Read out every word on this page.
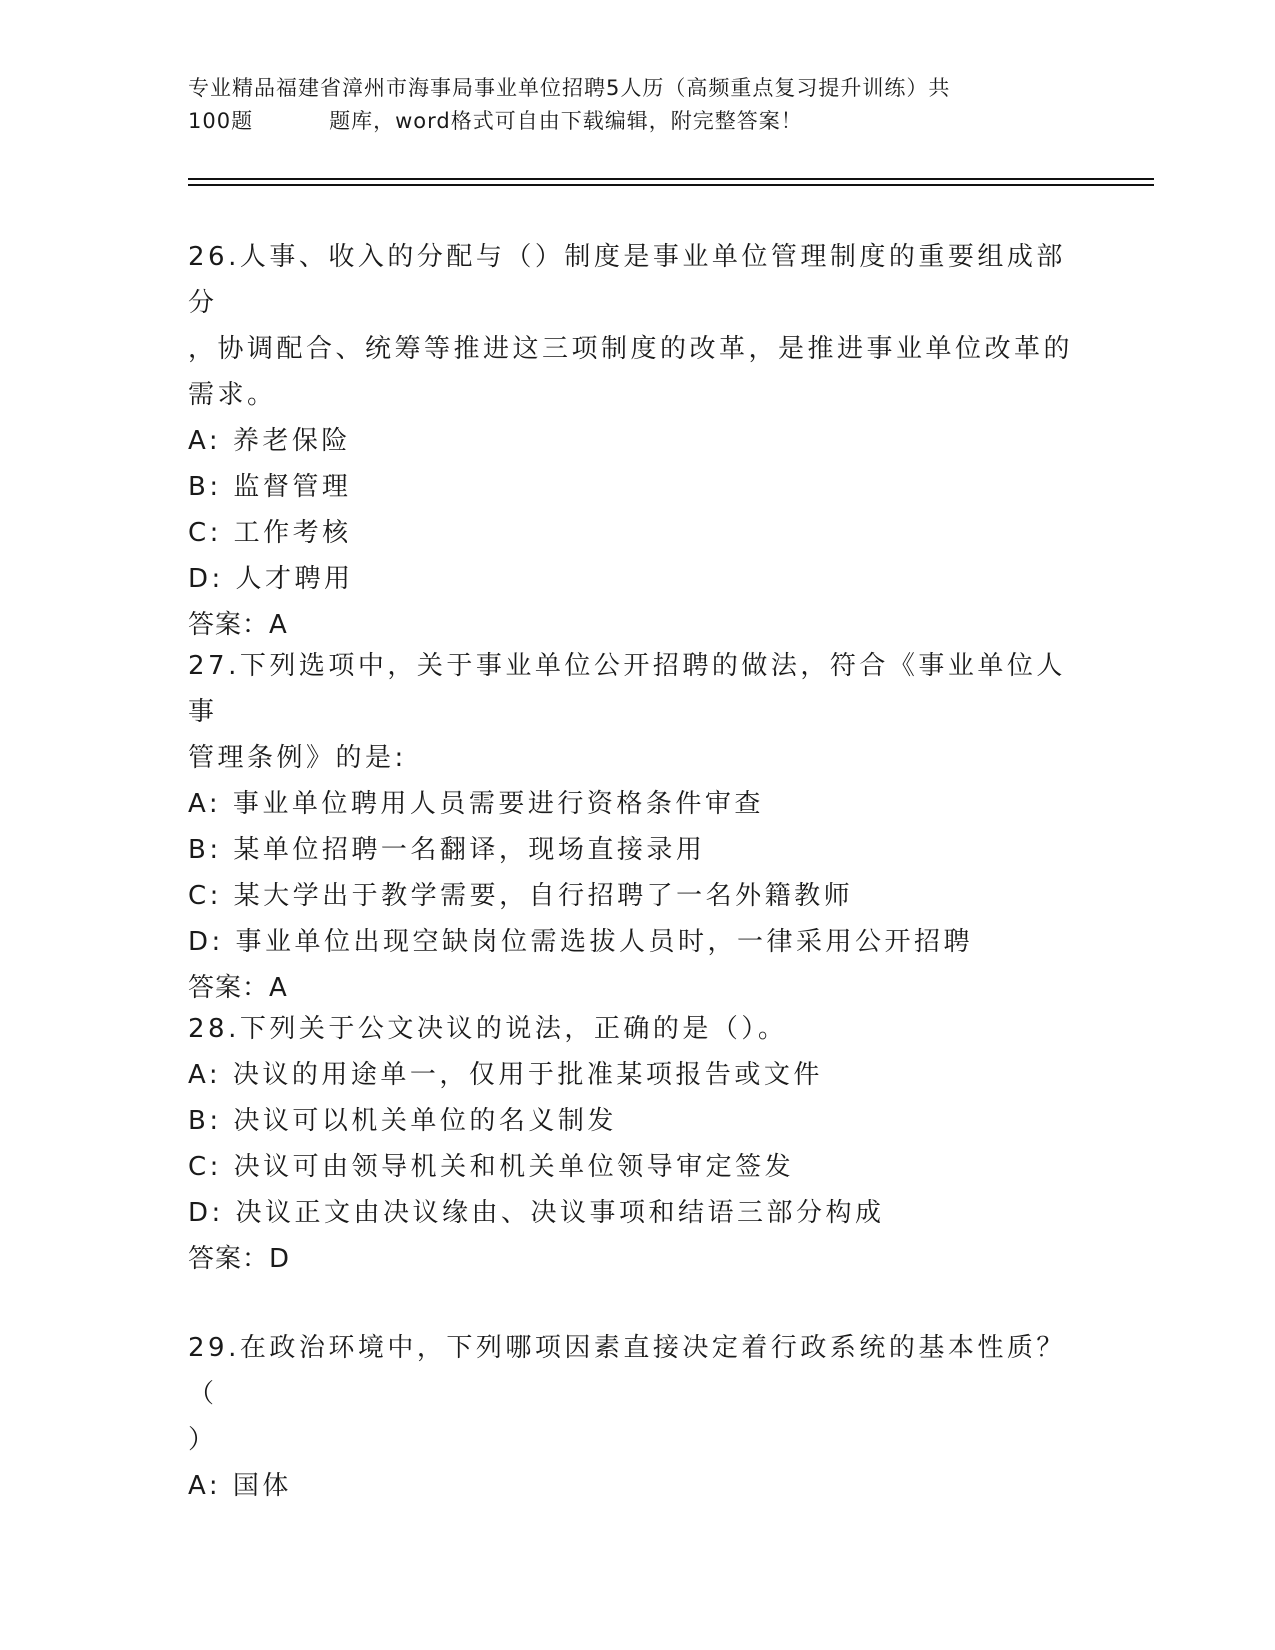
专业精品福建省漳州市海事局事业单位招聘5人历（高频重点复习提升训练）共
100题	题库，word格式可自由下载编辑，附完整答案！
26.人事、收入的分配与（）制度是事业单位管理制度的重要组成部分
，协调配合、统筹等推进这三项制度的改革，是推进事业单位改革的
需求。
A: 养老保险
B: 监督管理
C: 工作考核
D: 人才聘用
答案：A
27.下列选项中，关于事业单位公开招聘的做法，符合《事业单位人事
管理条例》的是:
A: 事业单位聘用人员需要进行资格条件审查
B: 某单位招聘一名翻译，现场直接录用
C: 某大学出于教学需要，自行招聘了一名外籍教师
D: 事业单位出现空缺岗位需选拔人员时，一律采用公开招聘
答案：A
28.下列关于公文决议的说法，正确的是（）。
A: 决议的用途单一，仅用于批准某项报告或文件
B: 决议可以机关单位的名义制发
C: 决议可由领导机关和机关单位领导审定签发
D: 决议正文由决议缘由、决议事项和结语三部分构成
答案：D
29.在政治环境中，下列哪项因素直接决定着行政系统的基本性质？（
）
A: 国体
